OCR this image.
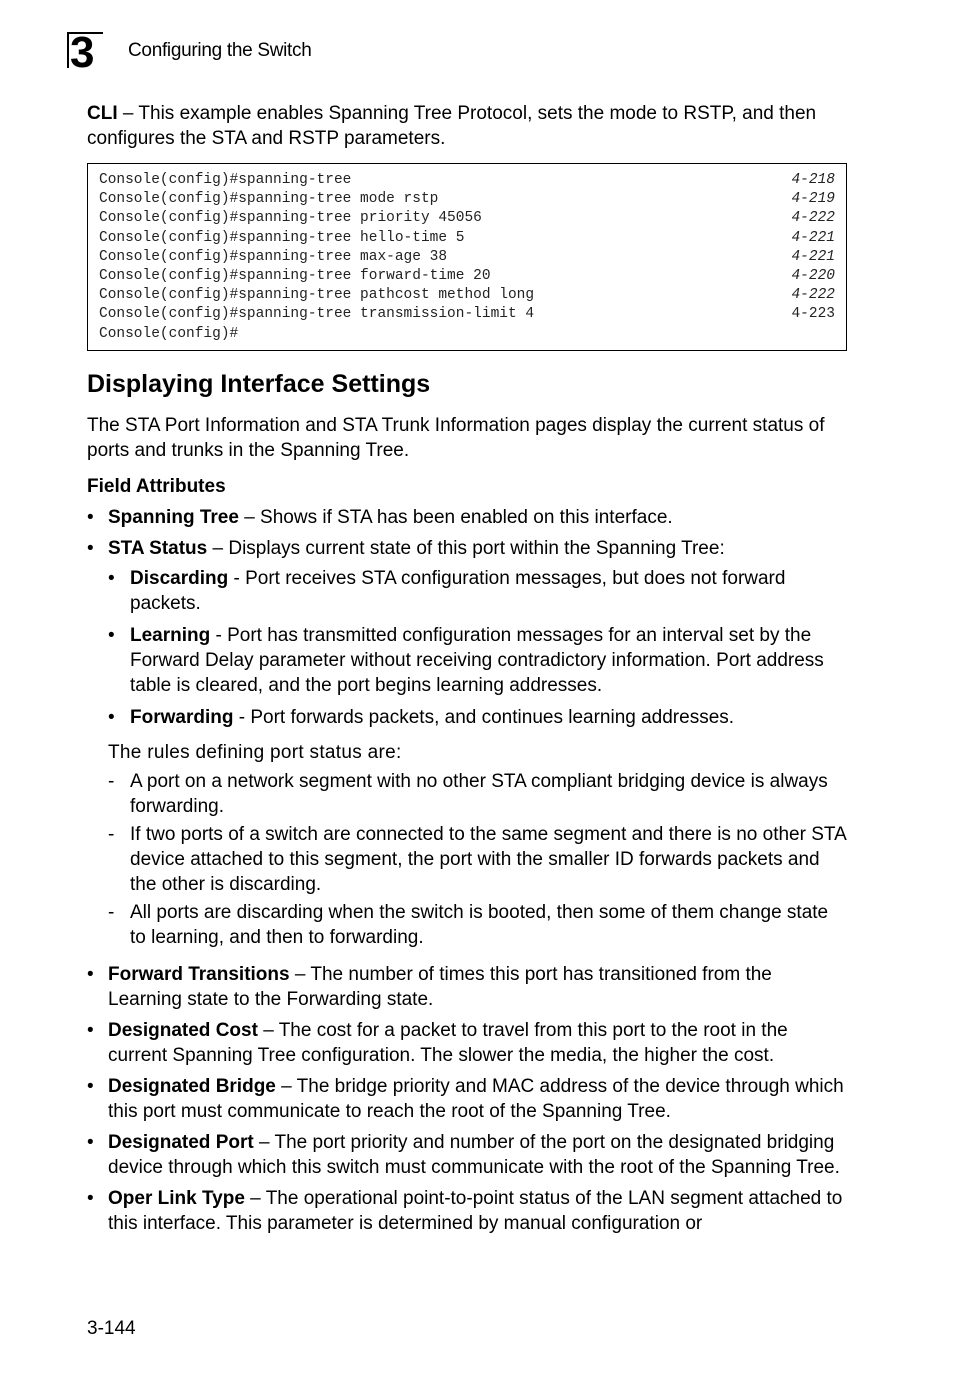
3 Configuring the Switch

CLI – This example enables Spanning Tree Protocol, sets the mode to RSTP, and then configures the STA and RSTP parameters.

Console(config)#spanning-tree	4-218
Console(config)#spanning-tree mode rstp	4-219
Console(config)#spanning-tree priority 45056	4-222
Console(config)#spanning-tree hello-time 5	4-221
Console(config)#spanning-tree max-age 38	4-221
Console(config)#spanning-tree forward-time 20	4-220
Console(config)#spanning-tree pathcost method long	4-222
Console(config)#spanning-tree transmission-limit 4	4-223
Console(config)#
Displaying Interface Settings

The STA Port Information and STA Trunk Information pages display the current status of ports and trunks in the Spanning Tree.

Field Attributes

• Spanning Tree – Shows if STA has been enabled on this interface.
• STA Status – Displays current state of this port within the Spanning Tree:
• Discarding - Port receives STA configuration messages, but does not forward packets.
• Learning - Port has transmitted configuration messages for an interval set by the Forward Delay parameter without receiving contradictory information. Port address table is cleared, and the port begins learning addresses.
• Forwarding - Port forwards packets, and continues learning addresses.

The rules defining port status are:

- A port on a network segment with no other STA compliant bridging device is always forwarding.
- If two ports of a switch are connected to the same segment and there is no other STA device attached to this segment, the port with the smaller ID forwards packets and the other is discarding.
- All ports are discarding when the switch is booted, then some of them change state to learning, and then to forwarding.
• Forward Transitions – The number of times this port has transitioned from the Learning state to the Forwarding state.
• Designated Cost – The cost for a packet to travel from this port to the root in the current Spanning Tree configuration. The slower the media, the higher the cost.
• Designated Bridge – The bridge priority and MAC address of the device through which this port must communicate to reach the root of the Spanning Tree.
• Designated Port – The port priority and number of the port on the designated bridging device through which this switch must communicate with the root of the Spanning Tree.
• Oper Link Type – The operational point-to-point status of the LAN segment attached to this interface. This parameter is determined by manual configuration or
3-144
